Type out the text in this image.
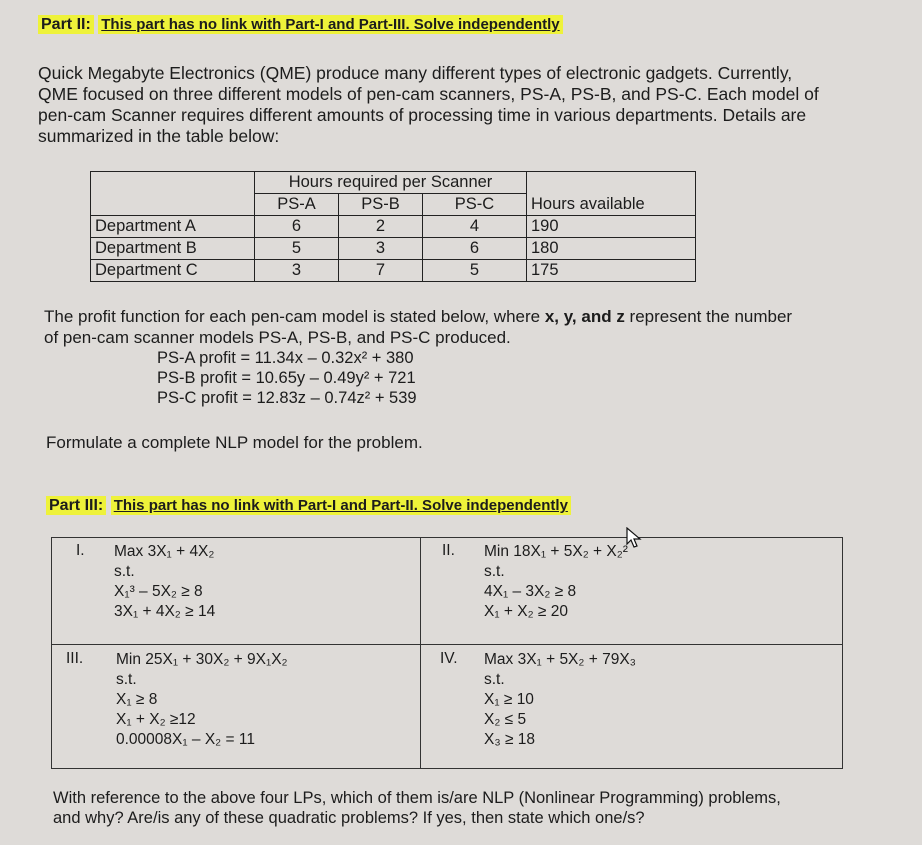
Part II: This part has no link with Part-I and Part-III. Solve independently
Quick Megabyte Electronics (QME) produce many different types of electronic gadgets. Currently,
QME focused on three different models of pen-cam scanners, PS-A, PS-B, and PS-C. Each model of
pen-cam Scanner requires different amounts of processing time in various departments. Details are
summarized in the table below:
	Hours required per Scanner			Hours available
	PS-A	PS-B	PS-C	
Department A	6	2	4	190
Department B	5	3	6	180
Department C	3	7	5	175
The profit function for each pen-cam model is stated below, where x, y, and z represent the number
of pen-cam scanner models PS-A, PS-B, and PS-C produced.
PS-A profit = 11.34x – 0.32x² + 380
PS-B profit = 10.65y – 0.49y² + 721
PS-C profit = 12.83z – 0.74z² + 539
Formulate a complete NLP model for the problem.
Part III: This part has no link with Part-I and Part-II. Solve independently
I. Max 3X₁ + 4X₂
s.t.
X₁³ – 5X₂ ≥ 8
3X₁ + 4X₂ ≥ 14
II. Min 18X₁ + 5X₂ + X₂²
s.t.
4X₁ – 3X₂ ≥ 8
X₁ + X₂ ≥ 20
III. Min 25X₁ + 30X₂ + 9X₁X₂
s.t.
X₁ ≥ 8
X₁ + X₂ ≥12
0.00008X₁ – X₂ = 11
IV. Max 3X₁ + 5X₂ + 79X₃
s.t.
X₁ ≥ 10
X₂ ≤ 5
X₃ ≥ 18
With reference to the above four LPs, which of them is/are NLP (Nonlinear Programming) problems,
and why? Are/is any of these quadratic problems? If yes, then state which one/s?
